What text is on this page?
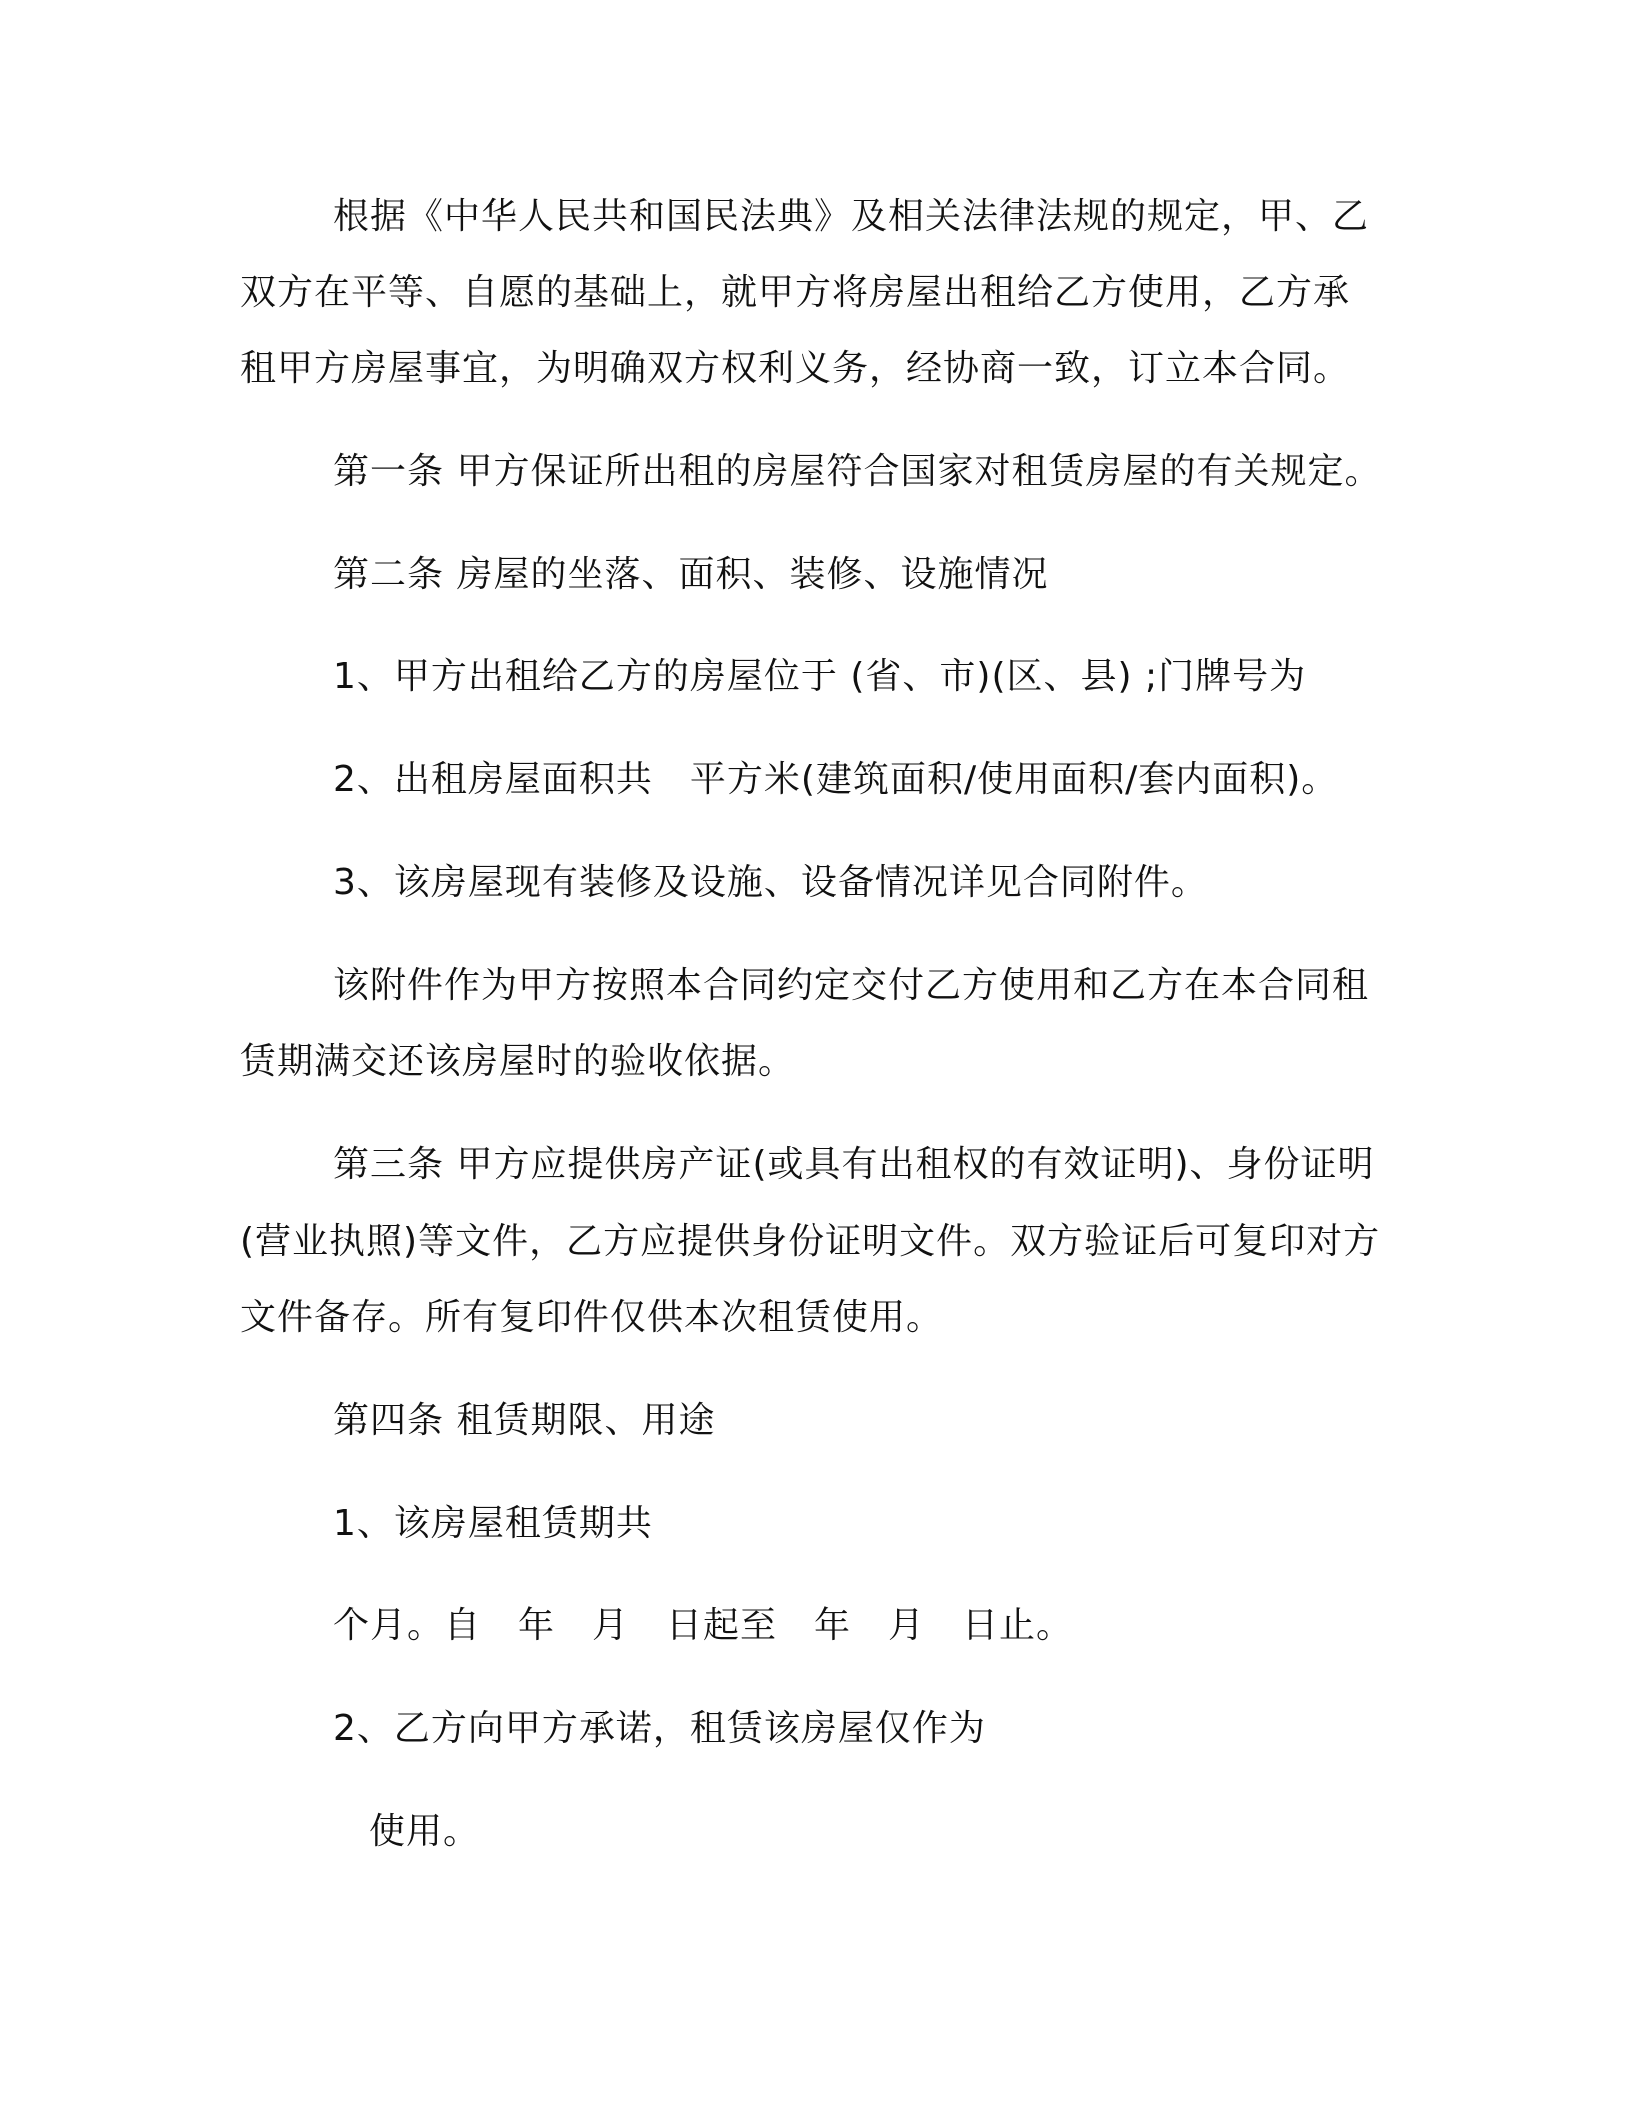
根据《中华人民共和国民法典》及相关法律法规的规定，甲、乙

双方在平等、自愿的基础上，就甲方将房屋出租给乙方使用，乙方承

租甲方房屋事宜，为明确双方权利义务，经协商一致，订立本合同。

第一条 甲方保证所出租的房屋符合国家对租赁房屋的有关规定。

第二条 房屋的坐落、面积、装修、设施情况

1、甲方出租给乙方的房屋位于 (省、市)(区、县) ;门牌号为

2、出租房屋面积共　平方米(建筑面积/使用面积/套内面积)。

3、该房屋现有装修及设施、设备情况详见合同附件。

该附件作为甲方按照本合同约定交付乙方使用和乙方在本合同租

赁期满交还该房屋时的验收依据。

第三条 甲方应提供房产证(或具有出租权的有效证明)、身份证明

(营业执照)等文件，乙方应提供身份证明文件。双方验证后可复印对方

文件备存。所有复印件仅供本次租赁使用。

第四条 租赁期限、用途

1、该房屋租赁期共

个月。自　年　月　日起至　年　月　日止。

2、乙方向甲方承诺，租赁该房屋仅作为

使用。
